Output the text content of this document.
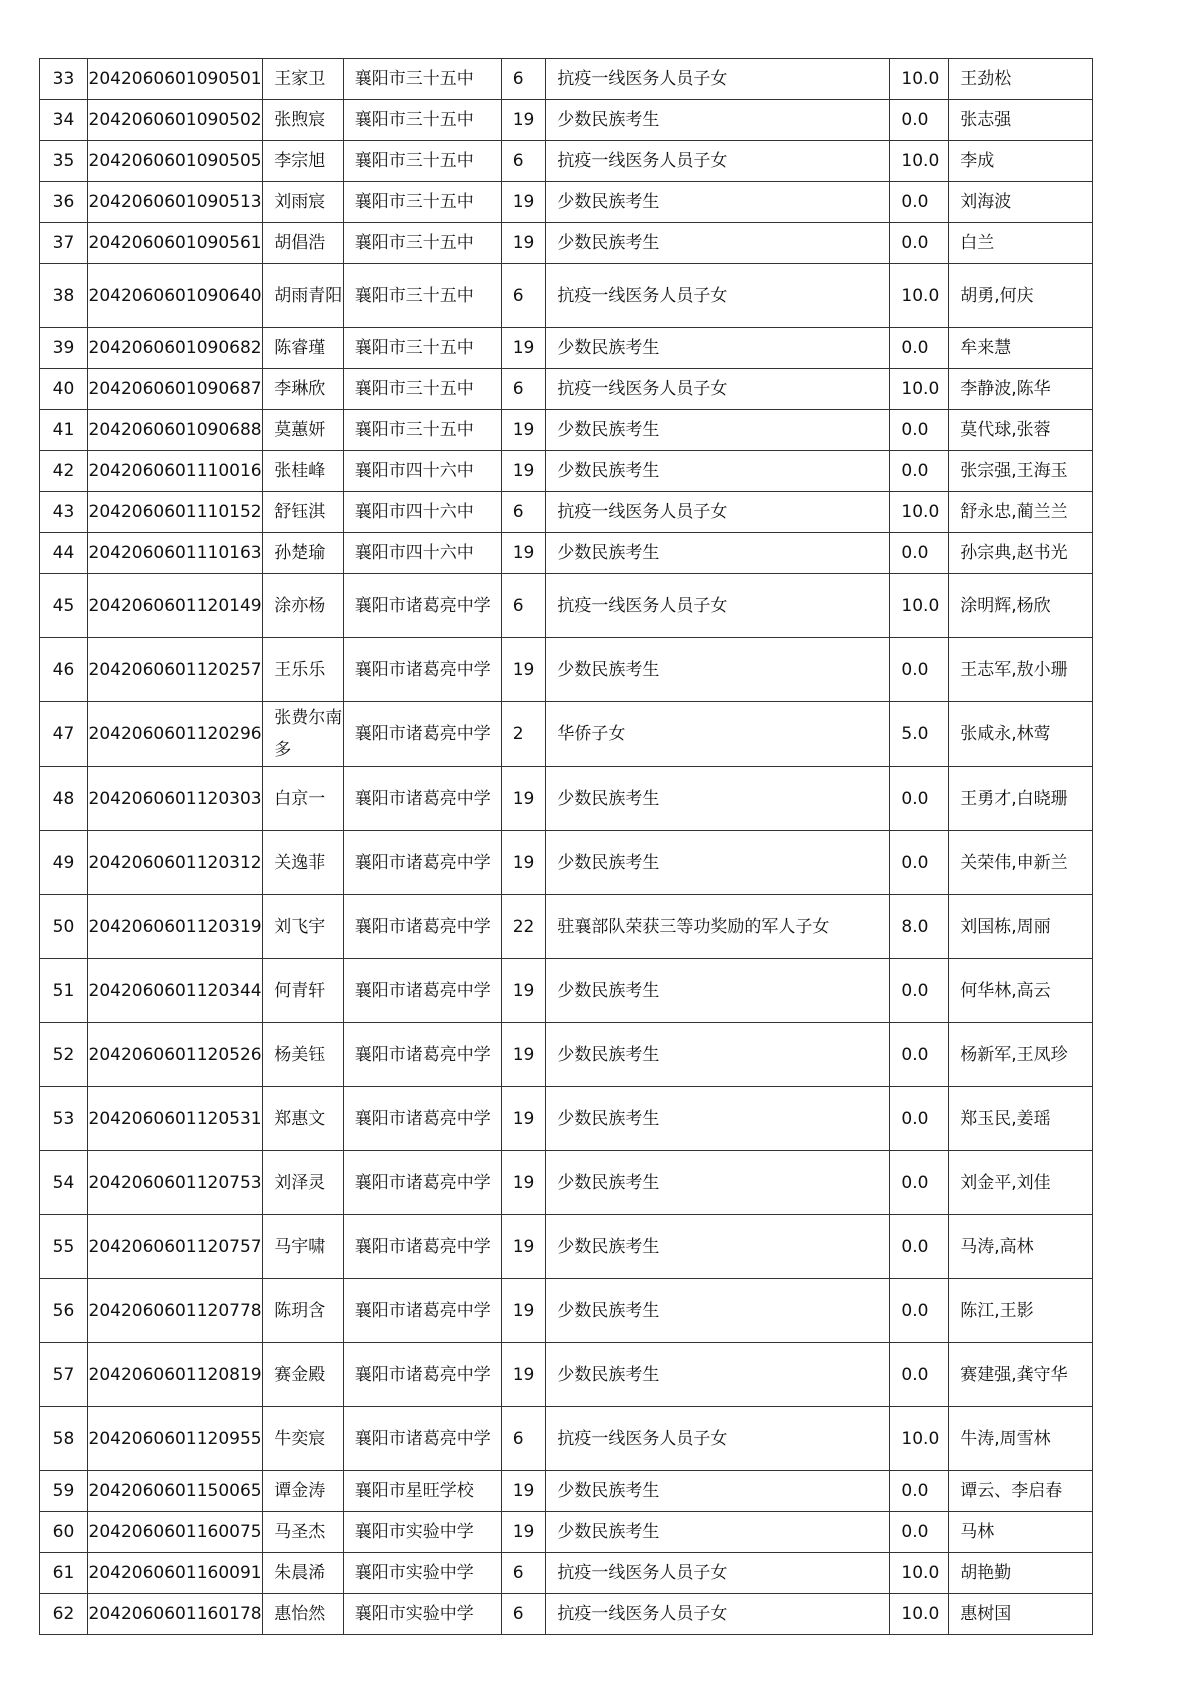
33	2042060601090501	王家卫	襄阳市三十五中	6	抗疫一线医务人员子女	10.0	王劲松
34	2042060601090502	张煦宸	襄阳市三十五中	19	少数民族考生	0.0	张志强
35	2042060601090505	李宗旭	襄阳市三十五中	6	抗疫一线医务人员子女	10.0	李成
36	2042060601090513	刘雨宸	襄阳市三十五中	19	少数民族考生	0.0	刘海波
37	2042060601090561	胡倡浩	襄阳市三十五中	19	少数民族考生	0.0	白兰
38	2042060601090640	胡雨青阳	襄阳市三十五中	6	抗疫一线医务人员子女	10.0	胡勇,何庆
39	2042060601090682	陈睿瑾	襄阳市三十五中	19	少数民族考生	0.0	牟来慧
40	2042060601090687	李琳欣	襄阳市三十五中	6	抗疫一线医务人员子女	10.0	李静波,陈华
41	2042060601090688	莫蕙妍	襄阳市三十五中	19	少数民族考生	0.0	莫代球,张蓉
42	2042060601110016	张桂峰	襄阳市四十六中	19	少数民族考生	0.0	张宗强,王海玉
43	2042060601110152	舒钰淇	襄阳市四十六中	6	抗疫一线医务人员子女	10.0	舒永忠,蔺兰兰
44	2042060601110163	孙楚瑜	襄阳市四十六中	19	少数民族考生	0.0	孙宗典,赵书光
45	2042060601120149	涂亦杨	襄阳市诸葛亮中学	6	抗疫一线医务人员子女	10.0	涂明辉,杨欣
46	2042060601120257	王乐乐	襄阳市诸葛亮中学	19	少数民族考生	0.0	王志军,敖小珊
47	2042060601120296	张费尔南多	襄阳市诸葛亮中学	2	华侨子女	5.0	张咸永,林莺
48	2042060601120303	白京一	襄阳市诸葛亮中学	19	少数民族考生	0.0	王勇才,白晓珊
49	2042060601120312	关逸菲	襄阳市诸葛亮中学	19	少数民族考生	0.0	关荣伟,申新兰
50	2042060601120319	刘飞宇	襄阳市诸葛亮中学	22	驻襄部队荣获三等功奖励的军人子女	8.0	刘国栋,周丽
51	2042060601120344	何青轩	襄阳市诸葛亮中学	19	少数民族考生	0.0	何华林,高云
52	2042060601120526	杨美钰	襄阳市诸葛亮中学	19	少数民族考生	0.0	杨新军,王凤珍
53	2042060601120531	郑惠文	襄阳市诸葛亮中学	19	少数民族考生	0.0	郑玉民,姜瑶
54	2042060601120753	刘泽灵	襄阳市诸葛亮中学	19	少数民族考生	0.0	刘金平,刘佳
55	2042060601120757	马宇啸	襄阳市诸葛亮中学	19	少数民族考生	0.0	马涛,高林
56	2042060601120778	陈玥含	襄阳市诸葛亮中学	19	少数民族考生	0.0	陈江,王影
57	2042060601120819	赛金殿	襄阳市诸葛亮中学	19	少数民族考生	0.0	赛建强,龚守华
58	2042060601120955	牛奕宸	襄阳市诸葛亮中学	6	抗疫一线医务人员子女	10.0	牛涛,周雪林
59	2042060601150065	谭金涛	襄阳市星旺学校	19	少数民族考生	0.0	谭云、李启春
60	2042060601160075	马圣杰	襄阳市实验中学	19	少数民族考生	0.0	马林
61	2042060601160091	朱晨浠	襄阳市实验中学	6	抗疫一线医务人员子女	10.0	胡艳勤
62	2042060601160178	惠怡然	襄阳市实验中学	6	抗疫一线医务人员子女	10.0	惠树国
